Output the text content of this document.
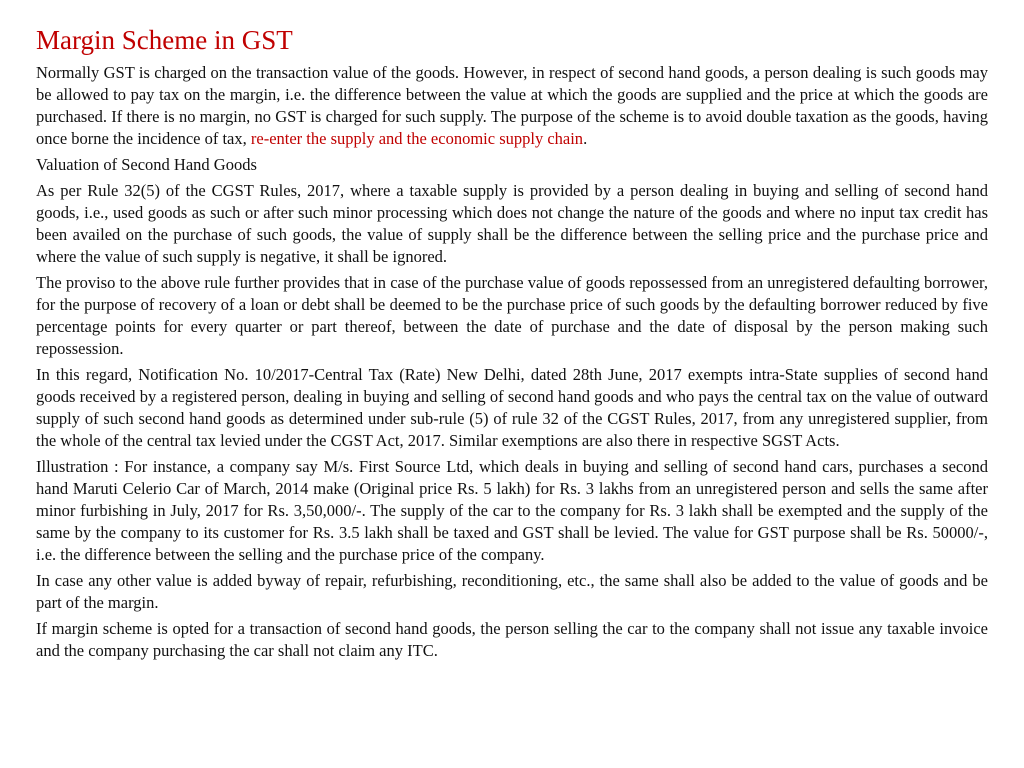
Margin Scheme in GST

Normally GST is charged on the transaction value of the goods. However, in respect of second hand goods, a person dealing is such goods may be allowed to pay tax on the margin, i.e. the difference between the value at which the goods are supplied and the price at which the goods are purchased. If there is no margin, no GST is charged for such supply. The purpose of the scheme is to avoid double taxation as the goods, having once borne the incidence of tax, re-enter the supply and the economic supply chain.

Valuation of Second Hand Goods

As per Rule 32(5) of the CGST Rules, 2017, where a taxable supply is provided by a person dealing in buying and selling of second hand goods, i.e., used goods as such or after such minor processing which does not change the nature of the goods and where no input tax credit has been availed on the purchase of such goods, the value of supply shall be the difference between the selling price and the purchase price and where the value of such supply is negative, it shall be ignored.

The proviso to the above rule further provides that in case of the purchase value of goods repossessed from an unregistered defaulting borrower, for the purpose of recovery of a loan or debt shall be deemed to be the purchase price of such goods by the defaulting borrower reduced by five percentage points for every quarter or part thereof, between the date of purchase and the date of disposal by the person making such repossession.

In this regard, Notification No. 10/2017-Central Tax (Rate) New Delhi, dated 28th June, 2017 exempts intra-State supplies of second hand goods received by a registered person, dealing in buying and selling of second hand goods and who pays the central tax on the value of outward supply of such second hand goods as determined under sub-rule (5) of rule 32 of the CGST Rules, 2017, from any unregistered supplier, from the whole of the central tax levied under the CGST Act, 2017. Similar exemptions are also there in respective SGST Acts.

Illustration : For instance, a company say M/s. First Source Ltd, which deals in buying and selling of second hand cars, purchases a second hand Maruti Celerio Car of March, 2014 make (Original price Rs. 5 lakh) for Rs. 3 lakhs from an unregistered person and sells the same after minor furbishing in July, 2017 for Rs. 3,50,000/-. The supply of the car to the company for Rs. 3 lakh shall be exempted and the supply of the same by the company to its customer for Rs. 3.5 lakh shall be taxed and GST shall be levied. The value for GST purpose shall be Rs. 50000/-, i.e. the difference between the selling and the purchase price of the company.

In case any other value is added byway of repair, refurbishing, reconditioning, etc., the same shall also be added to the value of goods and be part of the margin.

If margin scheme is opted for a transaction of second hand goods, the person selling the car to the company shall not issue any taxable invoice and the company purchasing the car shall not claim any ITC.
